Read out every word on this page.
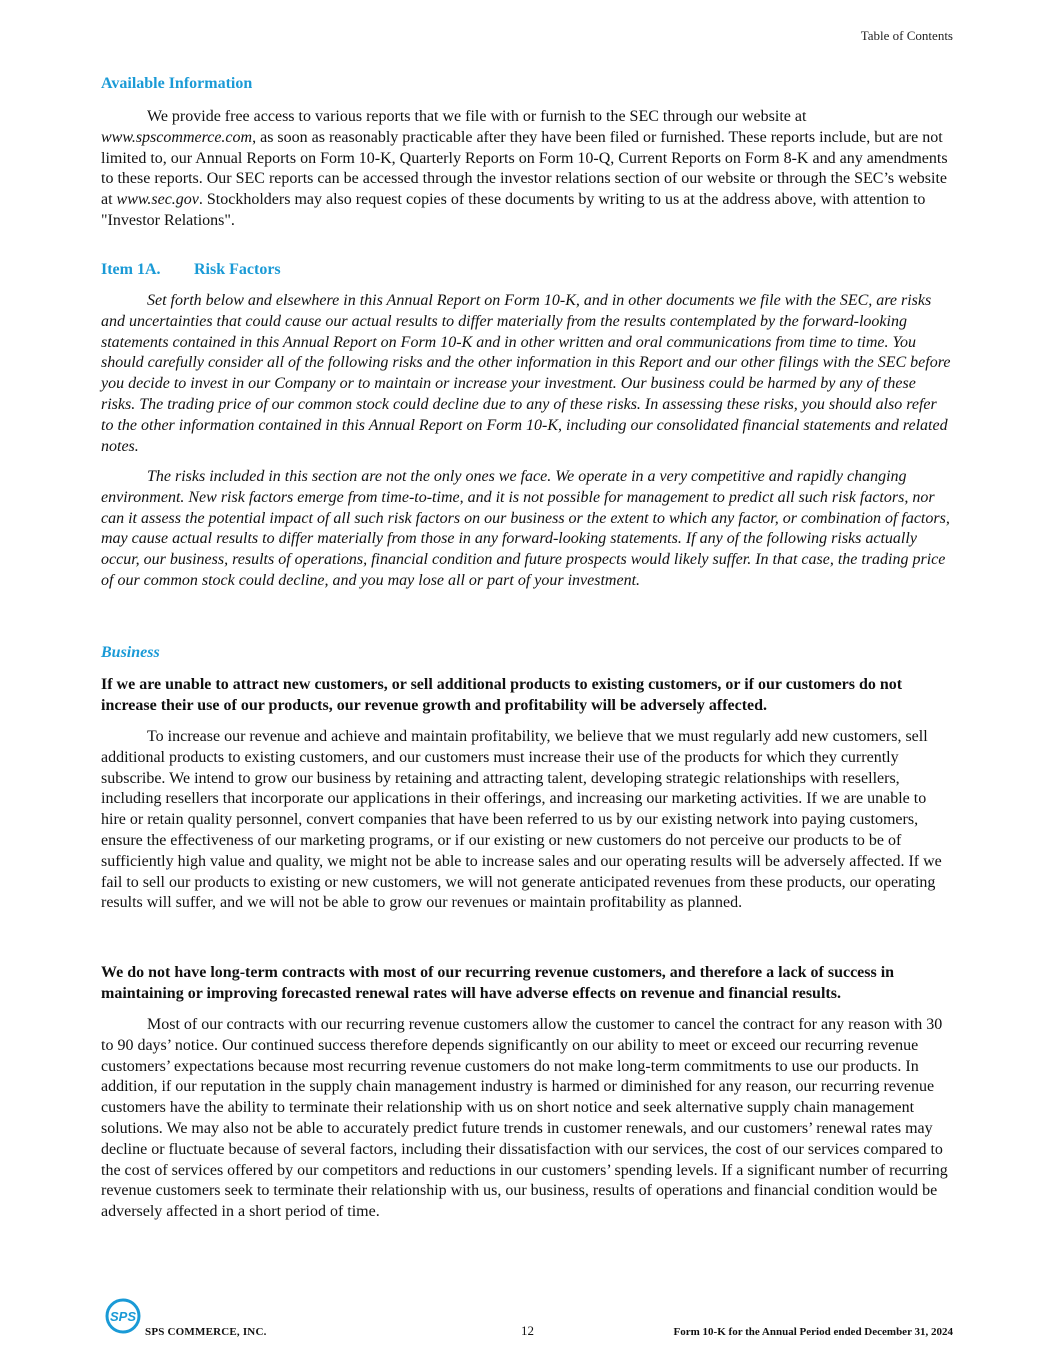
Table of Contents
Available Information

We provide free access to various reports that we file with or furnish to the SEC through our website at www.spscommerce.com, as soon as reasonably practicable after they have been filed or furnished. These reports include, but are not limited to, our Annual Reports on Form 10-K, Quarterly Reports on Form 10-Q, Current Reports on Form 8-K and any amendments to these reports. Our SEC reports can be accessed through the investor relations section of our website or through the SEC’s website at www.sec.gov. Stockholders may also request copies of these documents by writing to us at the address above, with attention to "Investor Relations".

Item 1A. Risk Factors

Set forth below and elsewhere in this Annual Report on Form 10-K, and in other documents we file with the SEC, are risks and uncertainties that could cause our actual results to differ materially from the results contemplated by the forward-looking statements contained in this Annual Report on Form 10-K and in other written and oral communications from time to time. You should carefully consider all of the following risks and the other information in this Report and our other filings with the SEC before you decide to invest in our Company or to maintain or increase your investment. Our business could be harmed by any of these risks. The trading price of our common stock could decline due to any of these risks. In assessing these risks, you should also refer to the other information contained in this Annual Report on Form 10-K, including our consolidated financial statements and related notes.

The risks included in this section are not the only ones we face. We operate in a very competitive and rapidly changing environment. New risk factors emerge from time-to-time, and it is not possible for management to predict all such risk factors, nor can it assess the potential impact of all such risk factors on our business or the extent to which any factor, or combination of factors, may cause actual results to differ materially from those in any forward-looking statements. If any of the following risks actually occur, our business, results of operations, financial condition and future prospects would likely suffer. In that case, the trading price of our common stock could decline, and you may lose all or part of your investment.

Business

If we are unable to attract new customers, or sell additional products to existing customers, or if our customers do not increase their use of our products, our revenue growth and profitability will be adversely affected.

To increase our revenue and achieve and maintain profitability, we believe that we must regularly add new customers, sell additional products to existing customers, and our customers must increase their use of the products for which they currently subscribe. We intend to grow our business by retaining and attracting talent, developing strategic relationships with resellers, including resellers that incorporate our applications in their offerings, and increasing our marketing activities. If we are unable to hire or retain quality personnel, convert companies that have been referred to us by our existing network into paying customers, ensure the effectiveness of our marketing programs, or if our existing or new customers do not perceive our products to be of sufficiently high value and quality, we might not be able to increase sales and our operating results will be adversely affected. If we fail to sell our products to existing or new customers, we will not generate anticipated revenues from these products, our operating results will suffer, and we will not be able to grow our revenues or maintain profitability as planned.

We do not have long-term contracts with most of our recurring revenue customers, and therefore a lack of success in maintaining or improving forecasted renewal rates will have adverse effects on revenue and financial results.

Most of our contracts with our recurring revenue customers allow the customer to cancel the contract for any reason with 30 to 90 days’ notice. Our continued success therefore depends significantly on our ability to meet or exceed our recurring revenue customers’ expectations because most recurring revenue customers do not make long-term commitments to use our products. In addition, if our reputation in the supply chain management industry is harmed or diminished for any reason, our recurring revenue customers have the ability to terminate their relationship with us on short notice and seek alternative supply chain management solutions. We may also not be able to accurately predict future trends in customer renewals, and our customers’ renewal rates may decline or fluctuate because of several factors, including their dissatisfaction with our services, the cost of our services compared to the cost of services offered by our competitors and reductions in our customers’ spending levels. If a significant number of recurring revenue customers seek to terminate their relationship with us, our business, results of operations and financial condition would be adversely affected in a short period of time.

SPS
SPS COMMERCE, INC.	12	Form 10-K for the Annual Period ended December 31, 2024
